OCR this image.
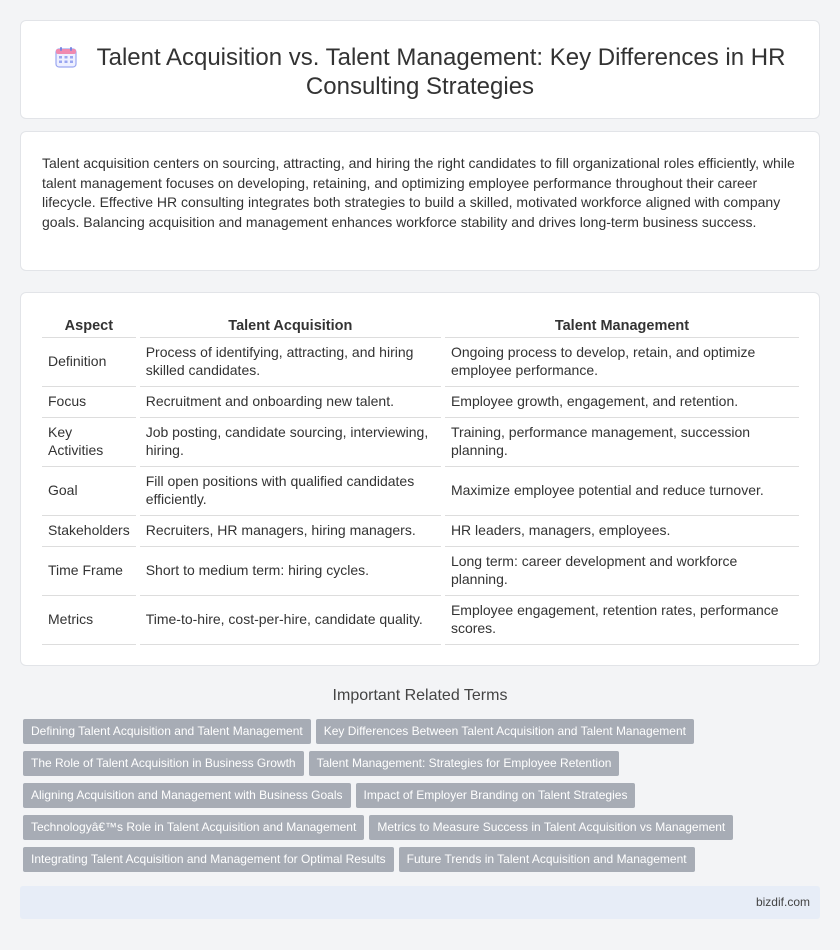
Talent Acquisition vs. Talent Management: Key Differences in HR Consulting Strategies

Talent acquisition centers on sourcing, attracting, and hiring the right candidates to fill organizational roles efficiently, while talent management focuses on developing, retaining, and optimizing employee performance throughout their career lifecycle. Effective HR consulting integrates both strategies to build a skilled, motivated workforce aligned with company goals. Balancing acquisition and management enhances workforce stability and drives long-term business success.

Aspect	Talent Acquisition	Talent Management
Definition	Process of identifying, attracting, and hiring skilled candidates.	Ongoing process to develop, retain, and optimize employee performance.
Focus	Recruitment and onboarding new talent.	Employee growth, engagement, and retention.
Key Activities	Job posting, candidate sourcing, interviewing, hiring.	Training, performance management, succession planning.
Goal	Fill open positions with qualified candidates efficiently.	Maximize employee potential and reduce turnover.
Stakeholders	Recruiters, HR managers, hiring managers.	HR leaders, managers, employees.
Time Frame	Short to medium term: hiring cycles.	Long term: career development and workforce planning.
Metrics	Time-to-hire, cost-per-hire, candidate quality.	Employee engagement, retention rates, performance scores.
Important Related Terms
Defining Talent Acquisition and Talent Management Key Differences Between Talent Acquisition and Talent Management
The Role of Talent Acquisition in Business Growth Talent Management: Strategies for Employee Retention
Aligning Acquisition and Management with Business Goals Impact of Employer Branding on Talent Strategies
Technologyâ€™s Role in Talent Acquisition and Management Metrics to Measure Success in Talent Acquisition vs Management
Integrating Talent Acquisition and Management for Optimal Results Future Trends in Talent Acquisition and Management
bizdif.com
